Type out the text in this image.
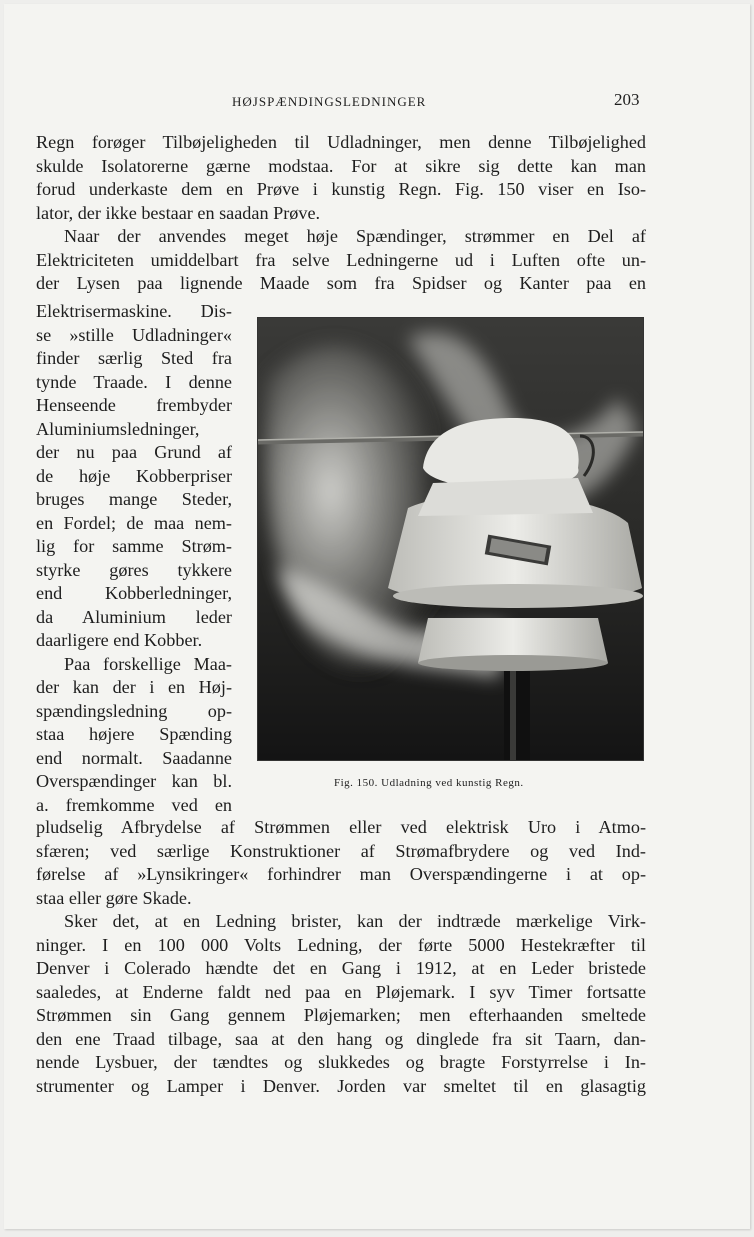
HØJSPÆNDINGSLEDNINGER	203
Regn forøger Tilbøjeligheden til Udladninger, men denne Tilbøjelighed
skulde Isolatorerne gærne modstaa. For at sikre sig dette kan man
forud underkaste dem en Prøve i kunstig Regn. Fig. 150 viser en Iso-
lator, der ikke bestaar en saadan Prøve.
Naar der anvendes meget høje Spændinger, strømmer en Del af
Elektriciteten umiddelbart fra selve Ledningerne ud i Luften ofte un-
der Lysen paa lignende Maade som fra Spidser og Kanter paa en
Elektrisermaskine. Dis-
se »stille Udladninger«
finder særlig Sted fra
tynde Traade. I denne
Henseende frembyder
Aluminiumsledninger,
der nu paa Grund af
de høje Kobberpriser
bruges mange Steder,
en Fordel; de maa nem-
lig for samme Strøm-
styrke gøres tykkere
end Kobberledninger,
da Aluminium leder
daarligere end Kobber.
Paa forskellige Maa-
der kan der i en Høj-
spændingsledning op-
staa højere Spænding
end normalt. Saadanne
Overspændinger kan bl.
a. fremkomme ved en
Fig. 150. Udladning ved kunstig Regn.
pludselig Afbrydelse af Strømmen eller ved elektrisk Uro i Atmo-
sfæren; ved særlige Konstruktioner af Strømafbrydere og ved Ind-
førelse af »Lynsikringer« forhindrer man Overspændingerne i at op-
staa eller gøre Skade.
Sker det, at en Ledning brister, kan der indtræde mærkelige Virk-
ninger. I en 100 000 Volts Ledning, der førte 5000 Hestekræfter til
Denver i Colerado hændte det en Gang i 1912, at en Leder bristede
saaledes, at Enderne faldt ned paa en Pløjemark. I syv Timer fortsatte
Strømmen sin Gang gennem Pløjemarken; men efterhaanden smeltede
den ene Traad tilbage, saa at den hang og dinglede fra sit Taarn, dan-
nende Lysbuer, der tændtes og slukkedes og bragte Forstyrrelse i In-
strumenter og Lamper i Denver. Jorden var smeltet til en glasagtig
